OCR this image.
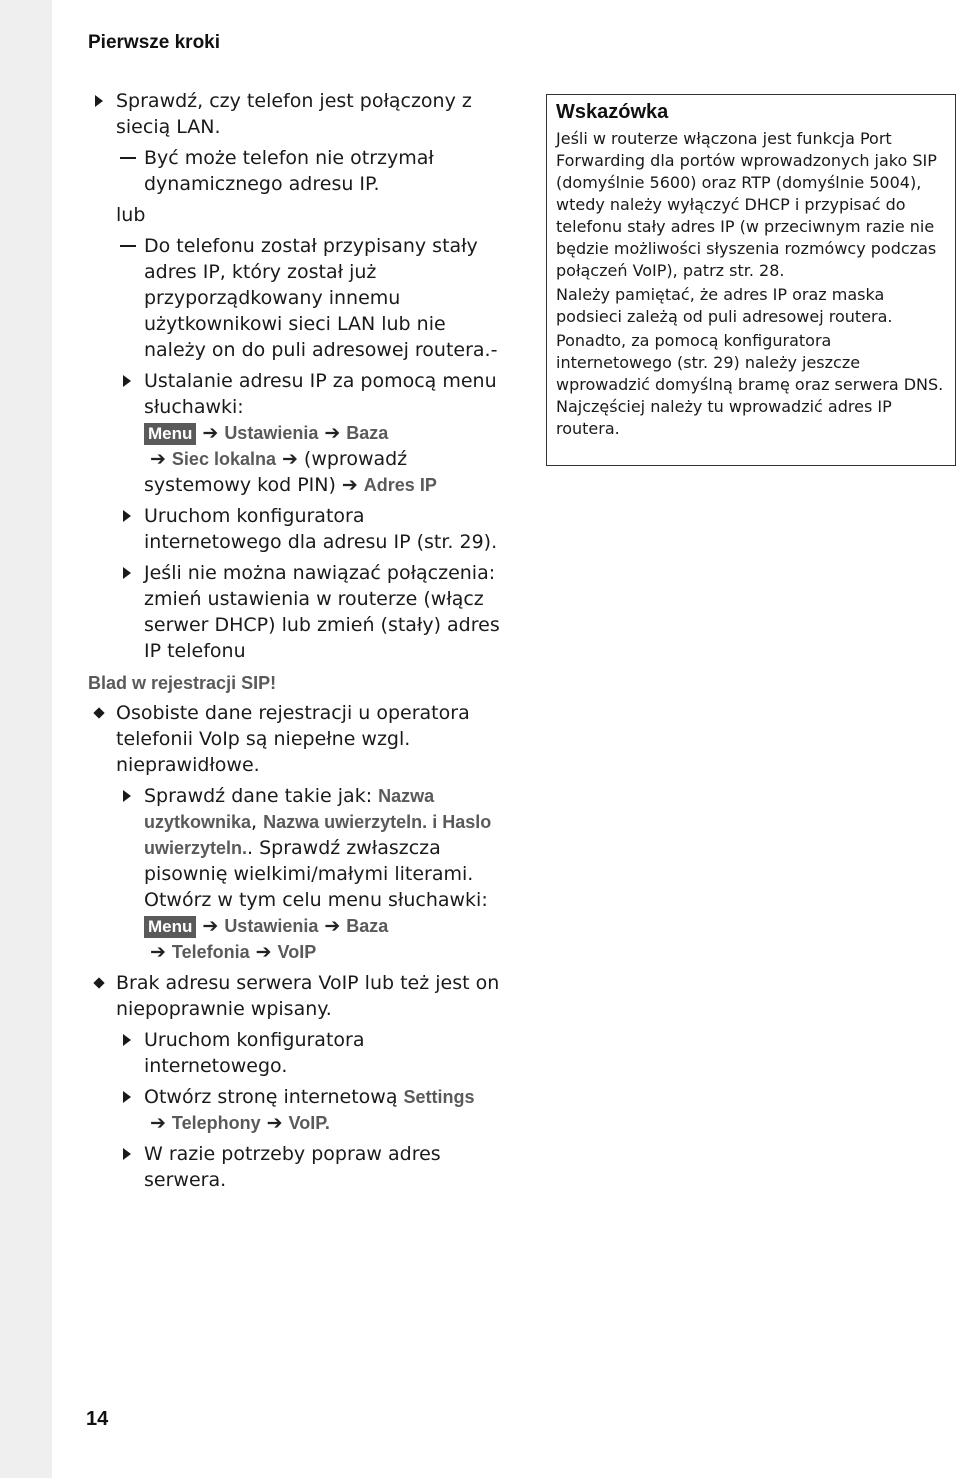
Pierwsze kroki
Sprawdź, czy telefon jest połączony z siecią LAN.
Być może telefon nie otrzymał dynamicznego adresu IP.
lub
Do telefonu został przypisany stały adres IP, który został już przyporządkowany innemu użytkownikowi sieci LAN lub nie należy on do puli adresowej routera.-
Ustalanie adresu IP za pomocą menu słuchawki:
Menu ➔ Ustawienia ➔ Baza
➔ Siec lokalna ➔ (wprowadź systemowy kod PIN) ➔ Adres IP
Uruchom konfiguratora internetowego dla adresu IP (str. 29).
Jeśli nie można nawiązać połączenia: zmień ustawienia w routerze (włącz serwer DHCP) lub zmień (stały) adres IP telefonu
Blad w rejestracji SIP!
Osobiste dane rejestracji u operatora telefonii VoIp są niepełne wzgl. nieprawidłowe.
Sprawdź dane takie jak: Nazwa uzytkownika, Nazwa uwierzyteln. i Haslo uwierzyteln.. Sprawdź zwłaszcza pisownię wielkimi/małymi literami. Otwórz w tym celu menu słuchawki:
Menu ➔ Ustawienia ➔ Baza
➔ Telefonia ➔ VoIP
Brak adresu serwera VoIP lub też jest on niepoprawnie wpisany.
Uruchom konfiguratora internetowego.
Otwórz stronę internetową Settings
➔ Telephony ➔ VoIP.
W razie potrzeby popraw adres serwera.
Wskazówka
Jeśli w routerze włączona jest funkcja Port Forwarding dla portów wprowadzonych jako SIP (domyślnie 5600) oraz RTP (domyślnie 5004), wtedy należy wyłączyć DHCP i przypisać do telefonu stały adres IP (w przeciwnym razie nie będzie możliwości słyszenia rozmówcy podczas połączeń VoIP), patrz str. 28.
Należy pamiętać, że adres IP oraz maska podsieci zależą od puli adresowej routera.
Ponadto, za pomocą konfiguratora internetowego (str. 29) należy jeszcze wprowadzić domyślną bramę oraz serwera DNS. Najczęściej należy tu wprowadzić adres IP routera.
14
